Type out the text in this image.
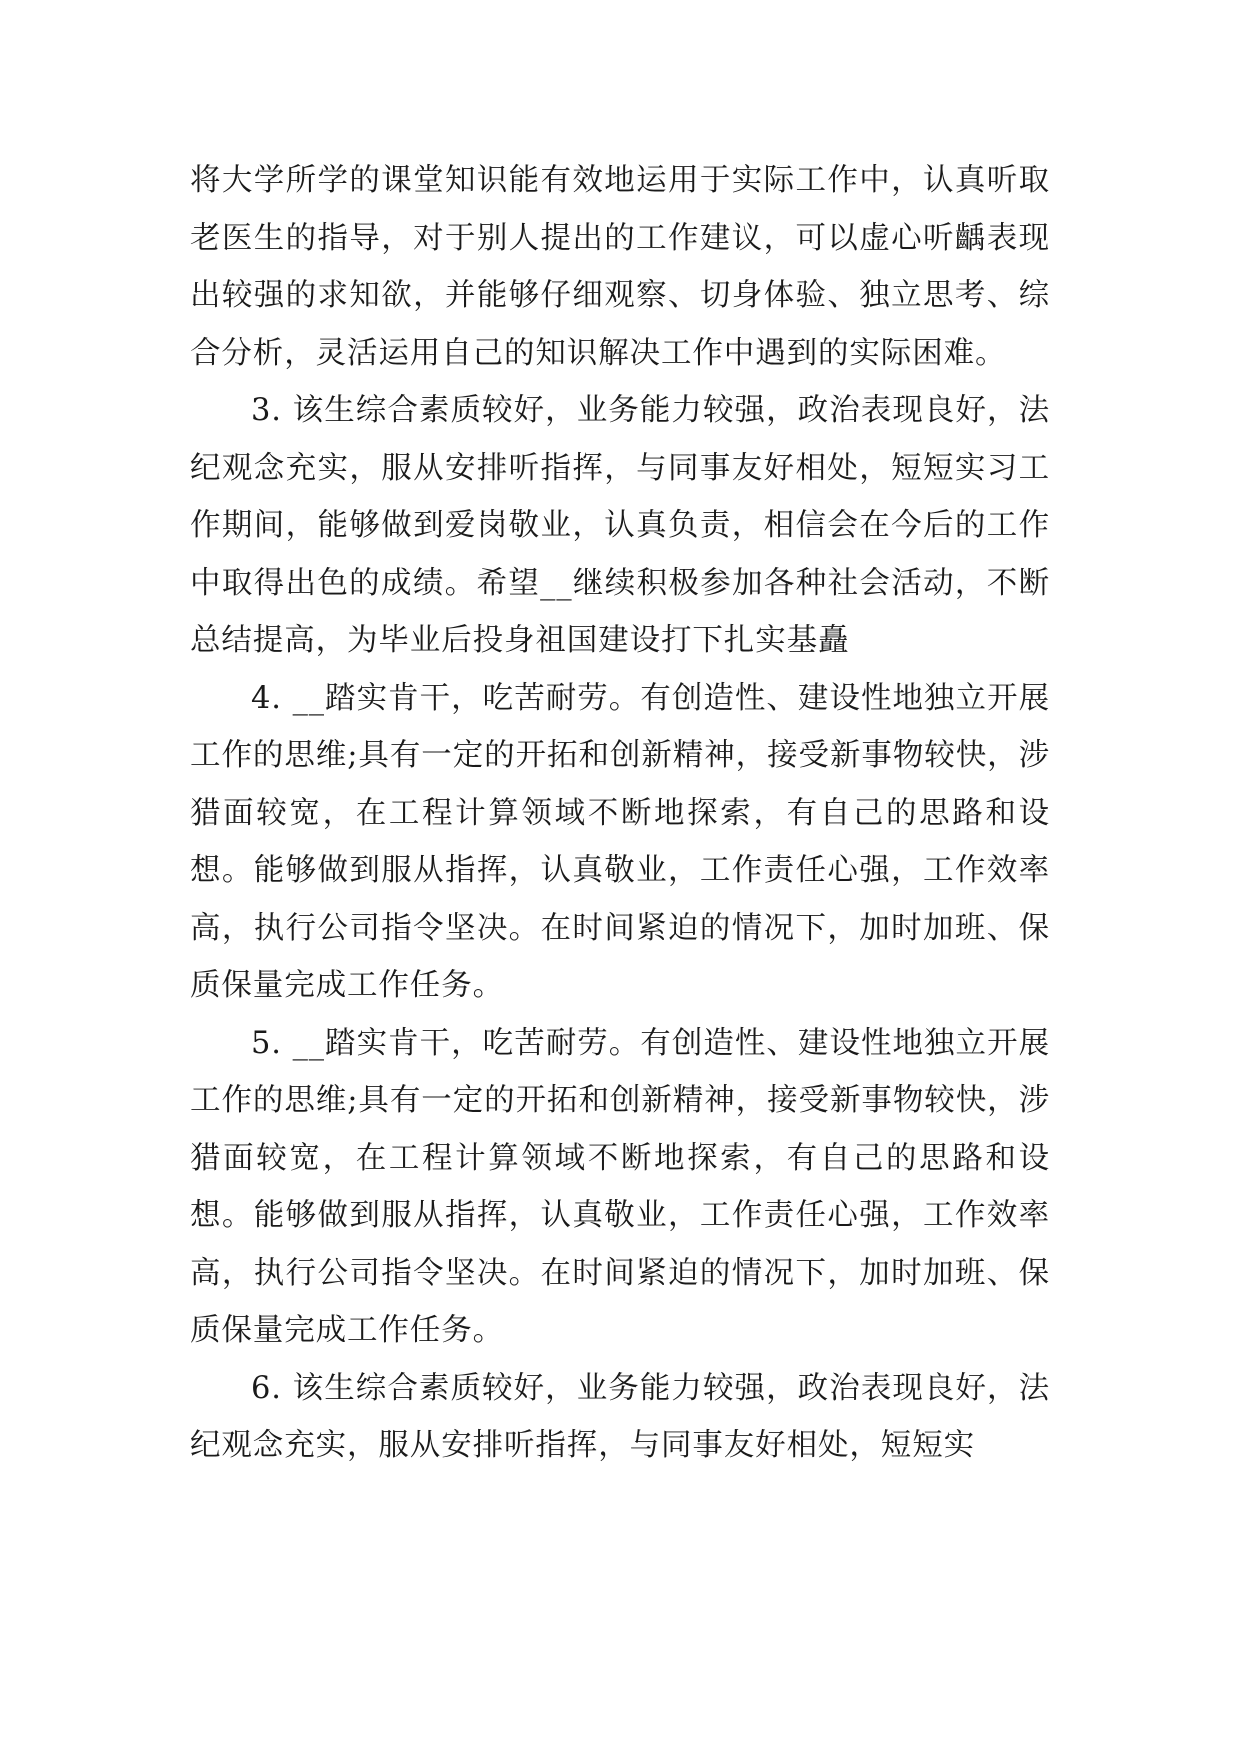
将大学所学的课堂知识能有效地运用于实际工作中，认真听取老医生的指导，对于别人提出的工作建议，可以虚心听齲表现出较强的求知欲，并能够仔细观察、切身体验、独立思考、综合分析，灵活运用自己的知识解决工作中遇到的实际困难。

3. 该生综合素质较好，业务能力较强，政治表现良好，法纪观念充实，服从安排听指挥，与同事友好相处，短短实习工作期间，能够做到爱岗敬业，认真负责，相信会在今后的工作中取得出色的成绩。希望__继续积极参加各种社会活动，不断总结提高，为毕业后投身祖国建设打下扎实基矗

4. __踏实肯干，吃苦耐劳。有创造性、建设性地独立开展工作的思维;具有一定的开拓和创新精神，接受新事物较快，涉猎面较宽，在工程计算领域不断地探索，有自己的思路和设想。能够做到服从指挥，认真敬业，工作责任心强，工作效率高，执行公司指令坚决。在时间紧迫的情况下，加时加班、保质保量完成工作任务。

5. __踏实肯干，吃苦耐劳。有创造性、建设性地独立开展工作的思维;具有一定的开拓和创新精神，接受新事物较快，涉猎面较宽，在工程计算领域不断地探索，有自己的思路和设想。能够做到服从指挥，认真敬业，工作责任心强，工作效率高，执行公司指令坚决。在时间紧迫的情况下，加时加班、保质保量完成工作任务。

6. 该生综合素质较好，业务能力较强，政治表现良好，法纪观念充实，服从安排听指挥，与同事友好相处，短短实
